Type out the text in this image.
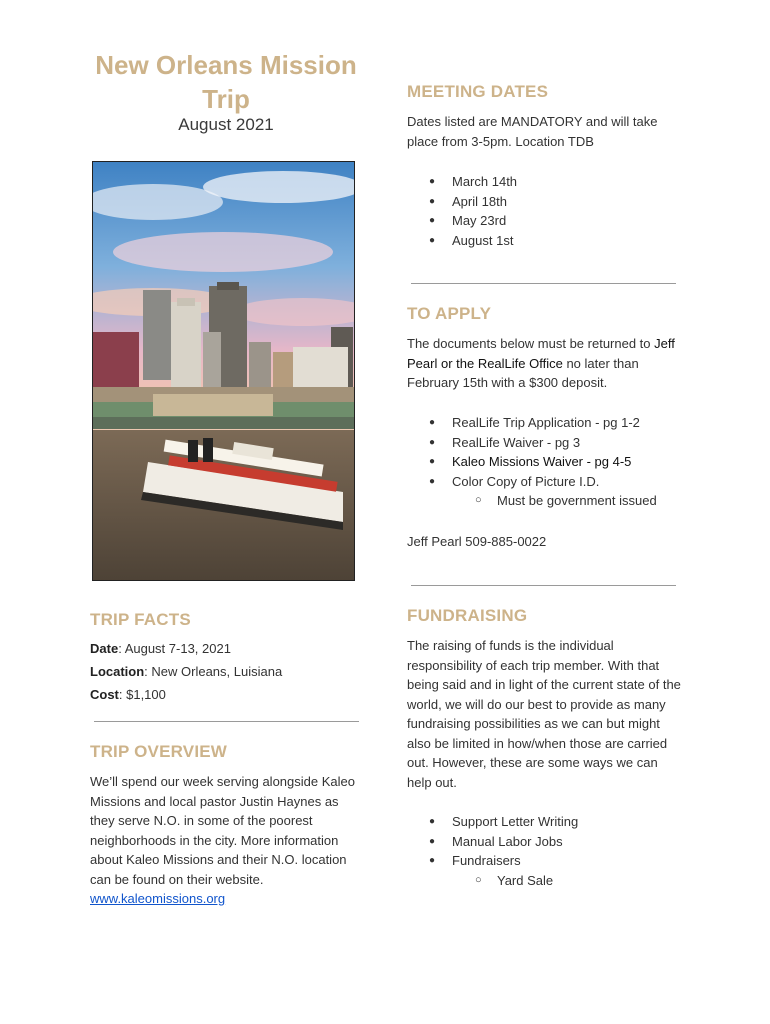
New Orleans Mission
Trip
August 2021
MEETING DATES

Dates listed are MANDATORY and will take place from 3-5pm. Location TDB

● March 14th
● April 18th
● May 23rd
● August 1st
TO APPLY

The documents below must be returned to Jeff Pearl or the RealLife Office no later than February 15th with a $300 deposit.

● RealLife Trip Application - pg 1-2
● RealLife Waiver - pg 3
● Kaleo Missions Waiver - pg 4-5
● Color Copy of Picture I.D.
○ Must be government issued

Jeff Pearl 509-885-0022

FUNDRAISING

The raising of funds is the individual responsibility of each trip member. With that being said and in light of the current state of the world, we will do our best to provide as many fundraising possibilities as we can but might also be limited in how/when those are carried out. However, these are some ways we can help out.

● Support Letter Writing
● Manual Labor Jobs
● Fundraisers
○ Yard Sale
TRIP FACTS
Date: August 7-13, 2021
Location: New Orleans, Luisiana
Cost: $1,100
TRIP OVERVIEW

We’ll spend our week serving alongside Kaleo Missions and local pastor Justin Haynes as they serve N.O. in some of the poorest neighborhoods in the city. More information about Kaleo Missions and their N.O. location can be found on their website. www.kaleomissions.org
